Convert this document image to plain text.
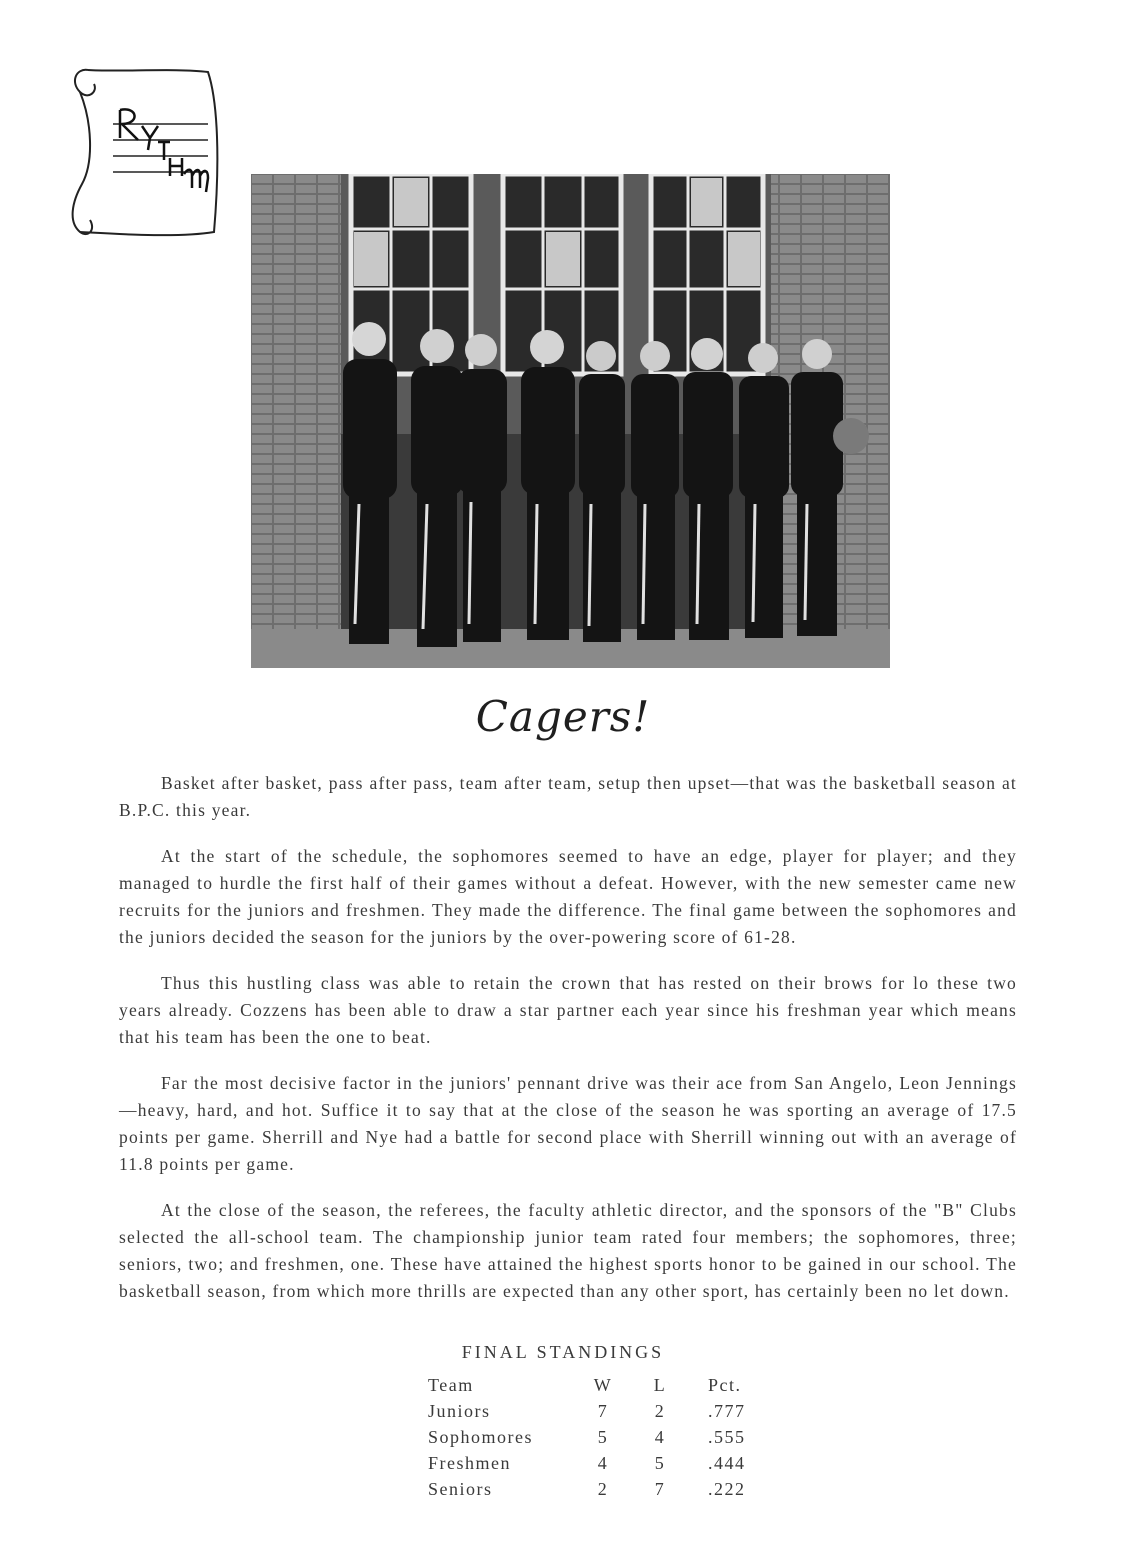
Cagers!

Basket after basket, pass after pass, team after team, setup then upset—that was the basketball season at B.P.C. this year.

At the start of the schedule, the sophomores seemed to have an edge, player for player; and they managed to hurdle the first half of their games without a defeat. However, with the new semester came new recruits for the juniors and freshmen. They made the difference. The final game between the sophomores and the juniors decided the season for the juniors by the over-powering score of 61-28.

Thus this hustling class was able to retain the crown that has rested on their brows for lo these two years already. Cozzens has been able to draw a star partner each year since his freshman year which means that his team has been the one to beat.

Far the most decisive factor in the juniors' pennant drive was their ace from San Angelo, Leon Jennings—heavy, hard, and hot. Suffice it to say that at the close of the season he was sporting an average of 17.5 points per game. Sherrill and Nye had a battle for second place with Sherrill winning out with an average of 11.8 points per game.

At the close of the season, the referees, the faculty athletic director, and the sponsors of the "B" Clubs selected the all-school team. The championship junior team rated four members; the sophomores, three; seniors, two; and freshmen, one. These have attained the highest sports honor to be gained in our school. The basketball season, from which more thrills are expected than any other sport, has certainly been no let down.

FINAL STANDINGS
Team	W	L	Pct.
Juniors	7	2	.777
Sophomores	5	4	.555
Freshmen	4	5	.444
Seniors	2	7	.222
